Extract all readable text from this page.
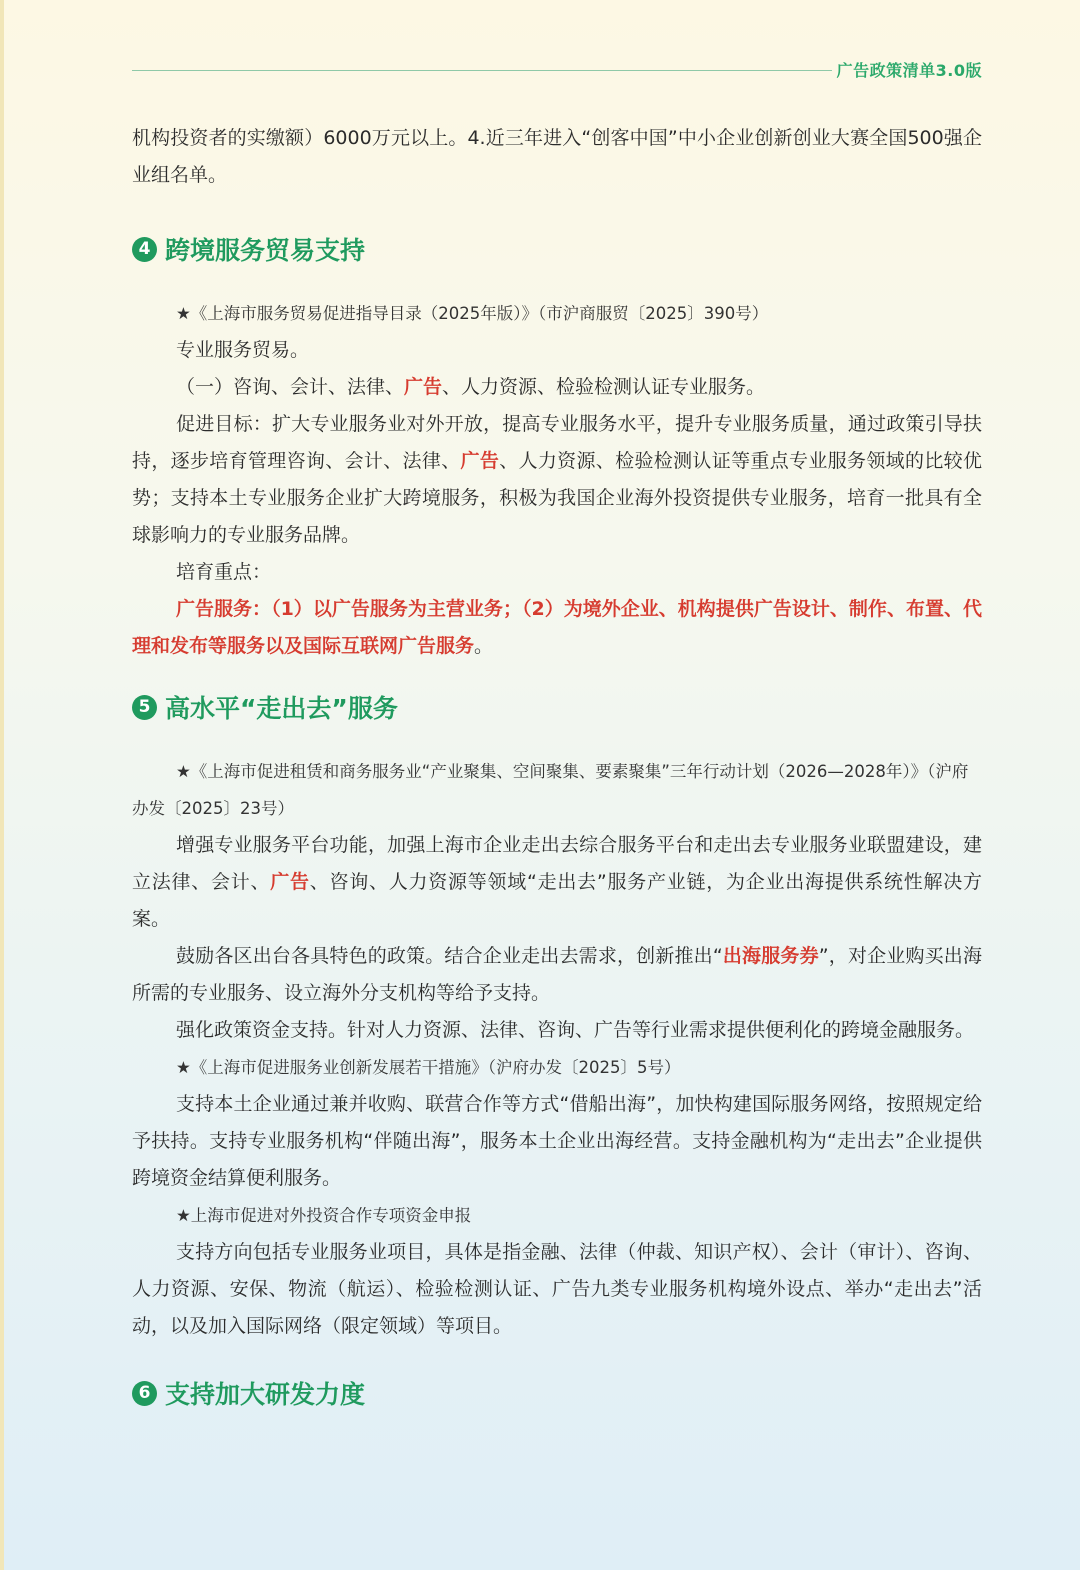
广告政策清单3.0版

机构投资者的实缴额）6000万元以上。4.近三年进入“创客中国”中小企业创新创业大赛全国500强企业组名单。

4 跨境服务贸易支持
★《上海市服务贸易促进指导目录（2025年版）》（市沪商服贸〔2025〕390号）

专业服务贸易。

（一）咨询、会计、法律、广告、人力资源、检验检测认证专业服务。

促进目标：扩大专业服务业对外开放，提高专业服务水平，提升专业服务质量，通过政策引导扶持，逐步培育管理咨询、会计、法律、广告、人力资源、检验检测认证等重点专业服务领域的比较优势；支持本土专业服务企业扩大跨境服务，积极为我国企业海外投资提供专业服务，培育一批具有全球影响力的专业服务品牌。

培育重点：

广告服务：（1）以广告服务为主营业务；（2）为境外企业、机构提供广告设计、制作、布置、代理和发布等服务以及国际互联网广告服务。

5 高水平“走出去”服务
★《上海市促进租赁和商务服务业“产业聚集、空间聚集、要素聚集”三年行动计划（2026—2028年）》（沪府办发〔2025〕23号）

增强专业服务平台功能，加强上海市企业走出去综合服务平台和走出去专业服务业联盟建设，建立法律、会计、广告、咨询、人力资源等领域“走出去”服务产业链，为企业出海提供系统性解决方案。

鼓励各区出台各具特色的政策。结合企业走出去需求，创新推出“出海服务券”，对企业购买出海所需的专业服务、设立海外分支机构等给予支持。

强化政策资金支持。针对人力资源、法律、咨询、广告等行业需求提供便利化的跨境金融服务。

★《上海市促进服务业创新发展若干措施》（沪府办发〔2025〕5号）

支持本土企业通过兼并收购、联营合作等方式“借船出海”，加快构建国际服务网络，按照规定给予扶持。支持专业服务机构“伴随出海”，服务本土企业出海经营。支持金融机构为“走出去”企业提供跨境资金结算便利服务。

★上海市促进对外投资合作专项资金申报

支持方向包括专业服务业项目，具体是指金融、法律（仲裁、知识产权）、会计（审计）、咨询、人力资源、安保、物流（航运）、检验检测认证、广告九类专业服务机构境外设点、举办“走出去”活动，以及加入国际网络（限定领域）等项目。

6 支持加大研发力度
